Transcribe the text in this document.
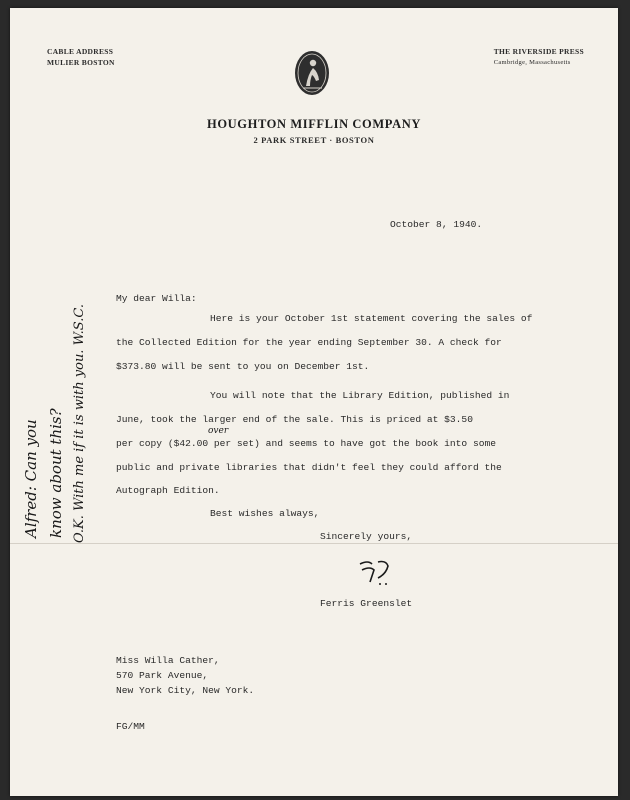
CABLE ADDRESS
MULIER BOSTON
THE RIVERSIDE PRESS
Cambridge, Massachusetts
HOUGHTON MIFFLIN COMPANY
2 PARK STREET · BOSTON
October 8, 1940.
My dear Willa:
Here is your October 1st statement covering the sales of
the Collected Edition for the year ending September 30. A check for
$373.80 will be sent to you on December 1st.
You will note that the Library Edition, published in
June, took the larger end of the sale. This is priced at $3.50
over
per copy ($42.00 per set) and seems to have got the book into some
public and private libraries that didn't feel they could afford the
Autograph Edition.
Best wishes always,
Sincerely yours,
Ferris Greenslet
Miss Willa Cather,
570 Park Avenue,
New York City, New York.
FG/MM
Alfred: Can you know about this? O.K. With me if it is with you. W.S.C.
